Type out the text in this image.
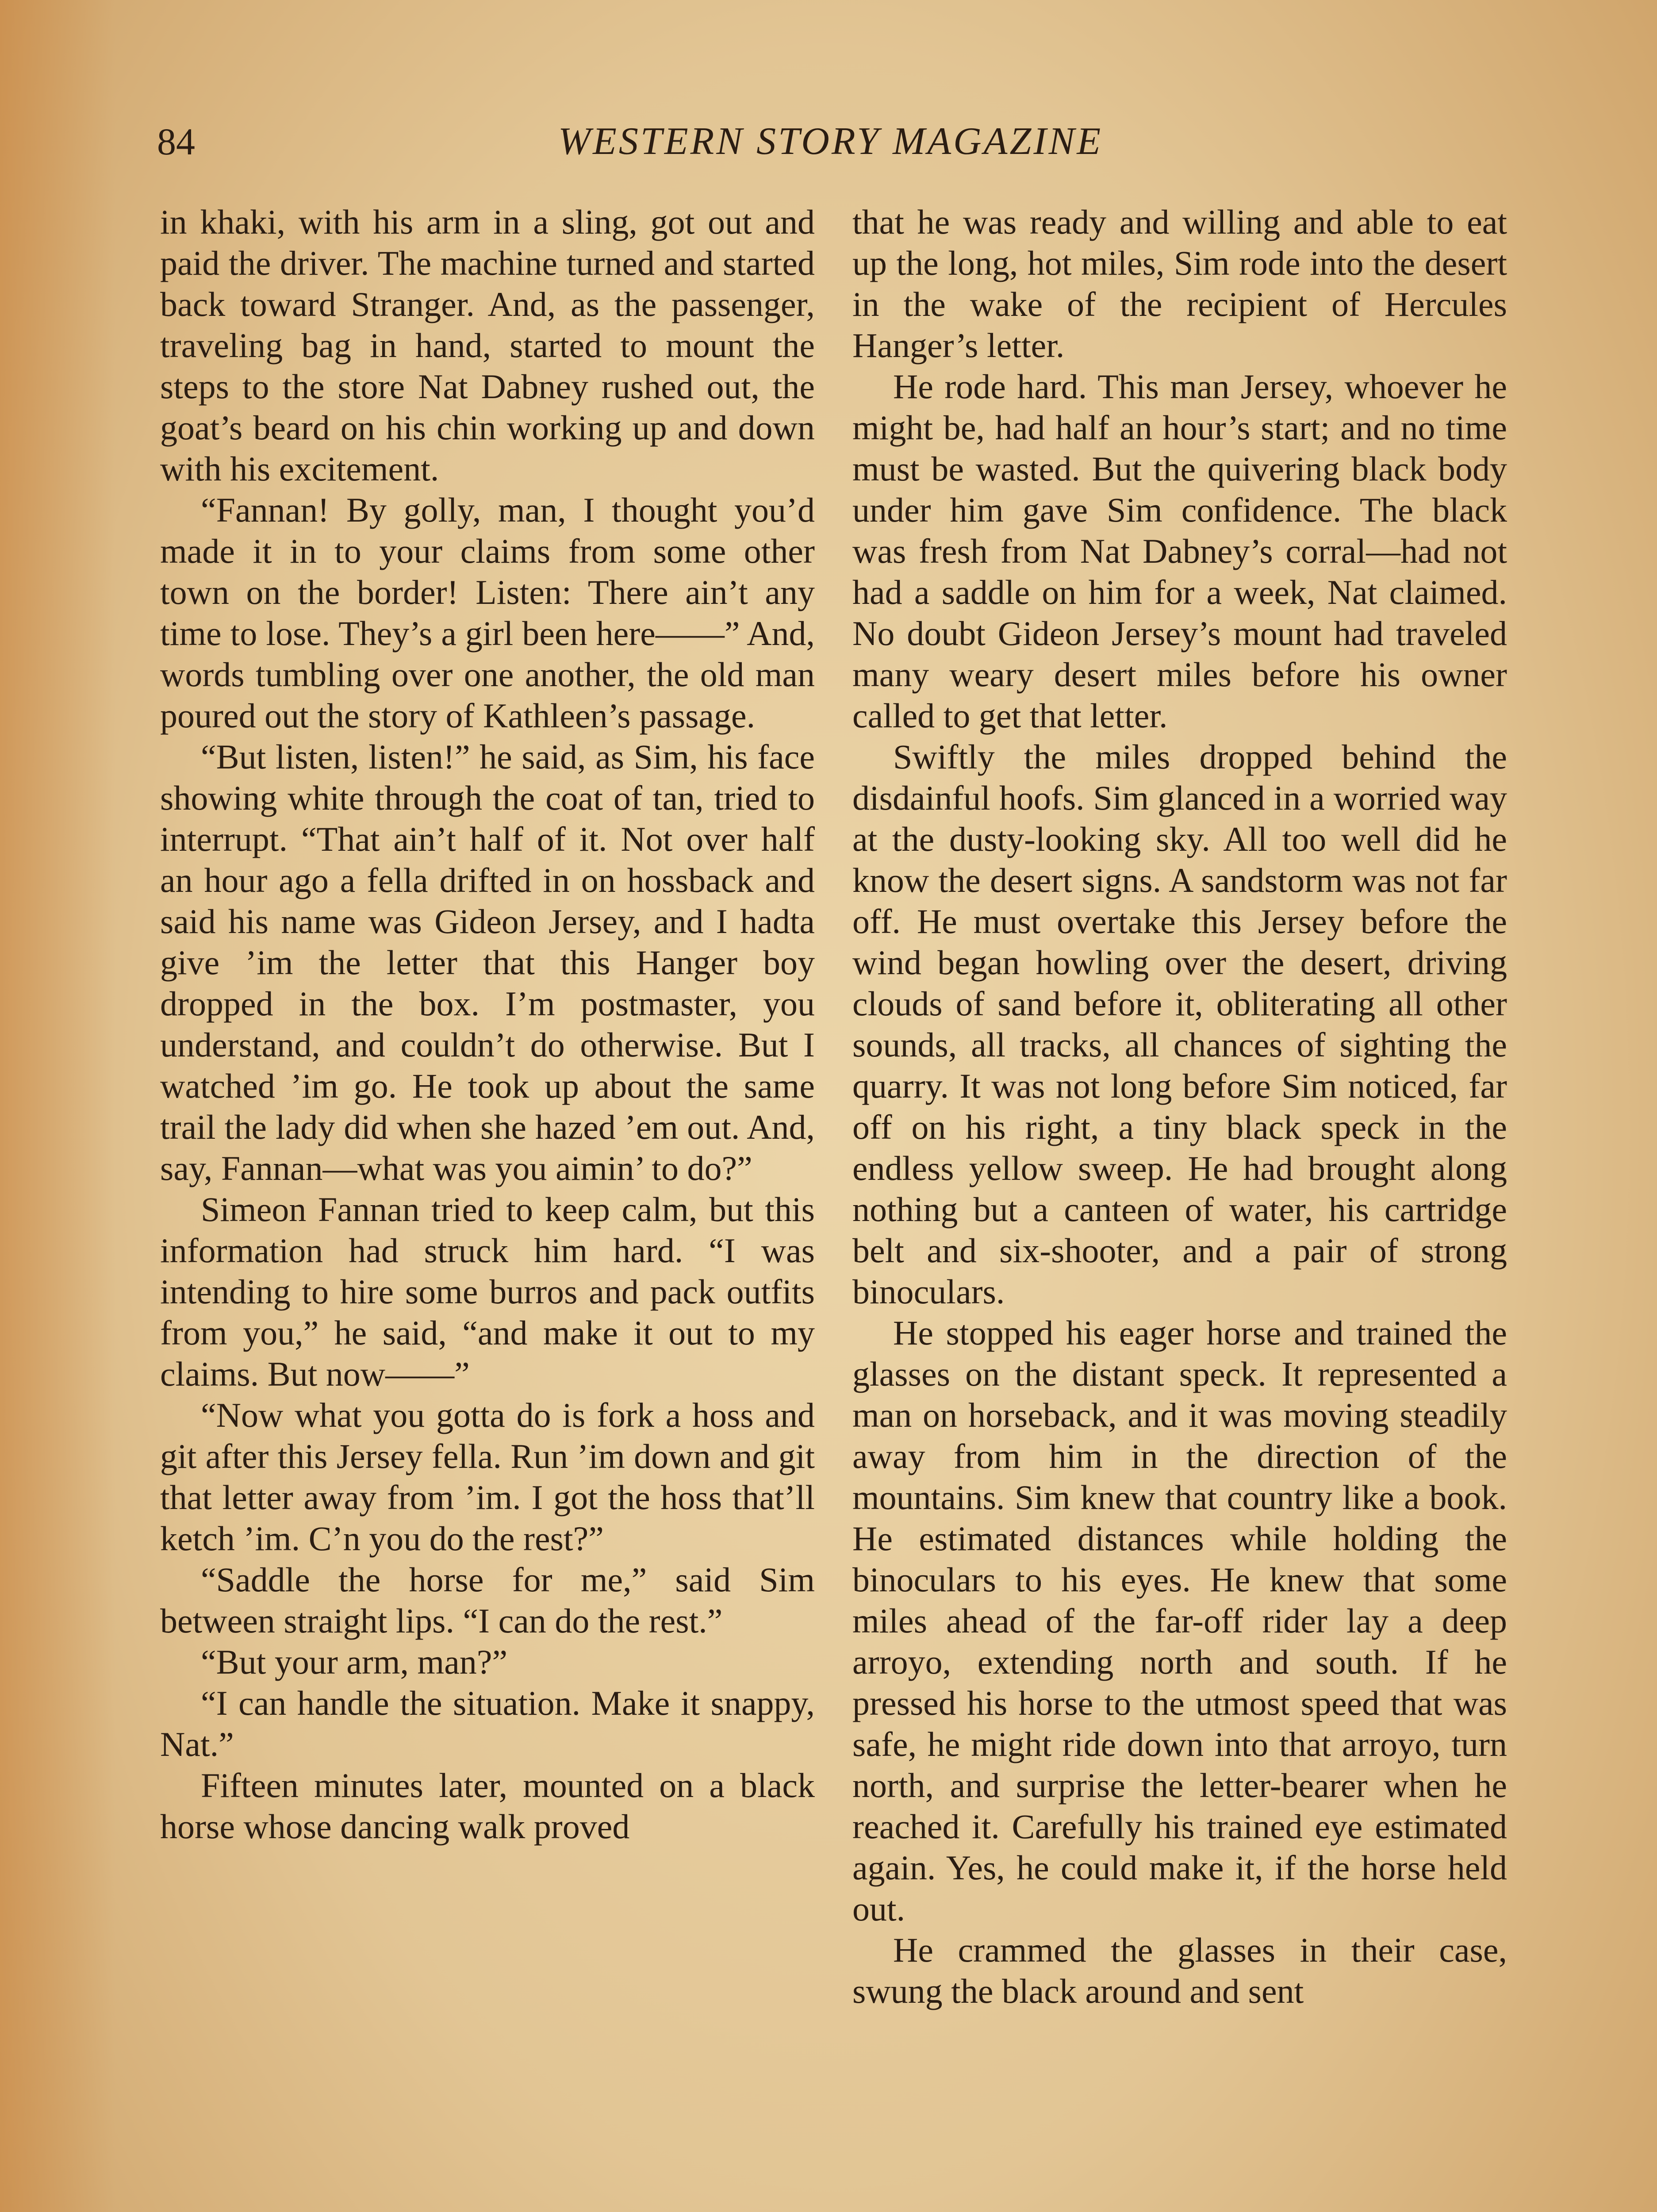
84	WESTERN STORY MAGAZINE

in khaki, with his arm in a sling, got out and paid the driver. The machine turned and started back toward Stranger. And, as the passenger, traveling bag in hand, started to mount the steps to the store Nat Dabney rushed out, the goat’s beard on his chin working up and down with his excitement.

“Fannan! By golly, man, I thought you’d made it in to your claims from some other town on the border! Listen: There ain’t any time to lose. They’s a girl been here——” And, words tumbling over one another, the old man poured out the story of Kathleen’s passage.

“But listen, listen!” he said, as Sim, his face showing white through the coat of tan, tried to interrupt. “That ain’t half of it. Not over half an hour ago a fella drifted in on hossback and said his name was Gideon Jersey, and I hadta give ’im the letter that this Hanger boy dropped in the box. I’m postmaster, you understand, and couldn’t do otherwise. But I watched ’im go. He took up about the same trail the lady did when she hazed ’em out. And, say, Fannan—what was you aimin’ to do?”

Simeon Fannan tried to keep calm, but this information had struck him hard. “I was intending to hire some burros and pack outfits from you,” he said, “and make it out to my claims. But now——”

“Now what you gotta do is fork a hoss and git after this Jersey fella. Run ’im down and git that letter away from ’im. I got the hoss that’ll ketch ’im. C’n you do the rest?”

“Saddle the horse for me,” said Sim between straight lips. “I can do the rest.”

“But your arm, man?”

“I can handle the situation. Make it snappy, Nat.”

Fifteen minutes later, mounted on a black horse whose dancing walk proved

that he was ready and willing and able to eat up the long, hot miles, Sim rode into the desert in the wake of the recipient of Hercules Hanger’s letter.

He rode hard. This man Jersey, whoever he might be, had half an hour’s start; and no time must be wasted. But the quivering black body under him gave Sim confidence. The black was fresh from Nat Dabney’s corral—had not had a saddle on him for a week, Nat claimed. No doubt Gideon Jersey’s mount had traveled many weary desert miles before his owner called to get that letter.

Swiftly the miles dropped behind the disdainful hoofs. Sim glanced in a worried way at the dusty-looking sky. All too well did he know the desert signs. A sandstorm was not far off. He must overtake this Jersey before the wind began howling over the desert, driving clouds of sand before it, obliterating all other sounds, all tracks, all chances of sighting the quarry. It was not long before Sim noticed, far off on his right, a tiny black speck in the endless yellow sweep. He had brought along nothing but a canteen of water, his cartridge belt and six-shooter, and a pair of strong binoculars.

He stopped his eager horse and trained the glasses on the distant speck. It represented a man on horseback, and it was moving steadily away from him in the direction of the mountains. Sim knew that country like a book. He estimated distances while holding the binoculars to his eyes. He knew that some miles ahead of the far-off rider lay a deep arroyo, extending north and south. If he pressed his horse to the utmost speed that was safe, he might ride down into that arroyo, turn north, and surprise the letter-bearer when he reached it. Carefully his trained eye estimated again. Yes, he could make it, if the horse held out.

He crammed the glasses in their case, swung the black around and sent
